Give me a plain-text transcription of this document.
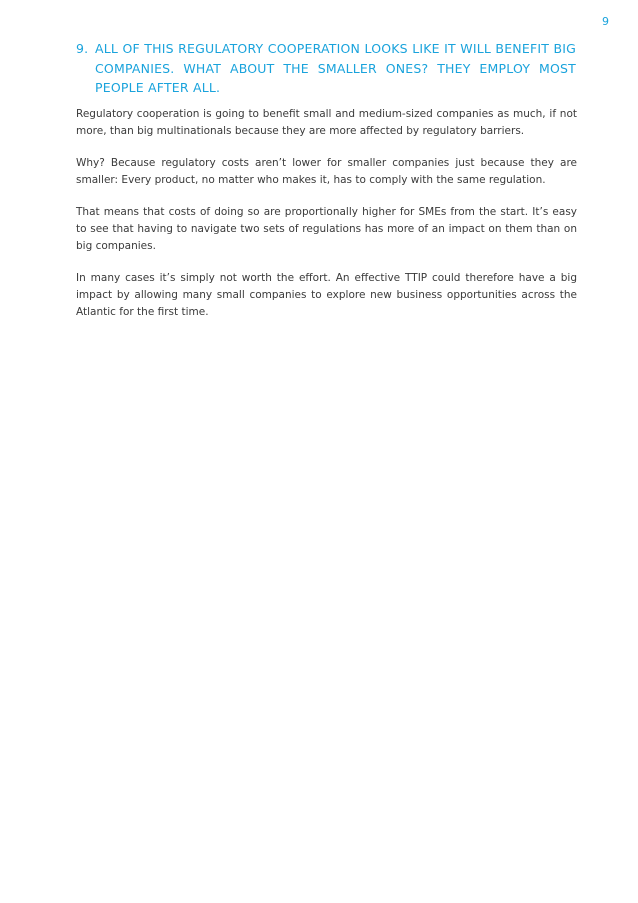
9
9. ALL OF THIS REGULATORY COOPERATION LOOKS LIKE IT WILL BENEFIT BIG COMPANIES. WHAT ABOUT THE SMALLER ONES? THEY EMPLOY MOST PEOPLE AFTER ALL.

Regulatory cooperation is going to benefit small and medium-sized companies as much, if not more, than big multinationals because they are more affected by regulatory barriers.

Why? Because regulatory costs aren’t lower for smaller companies just because they are smaller: Every product, no matter who makes it, has to comply with the same regulation.

That means that costs of doing so are proportionally higher for SMEs from the start. It’s easy to see that having to navigate two sets of regulations has more of an impact on them than on big companies.

In many cases it’s simply not worth the effort. An effective TTIP could therefore have a big impact by allowing many small companies to explore new business opportunities across the Atlantic for the first time.
